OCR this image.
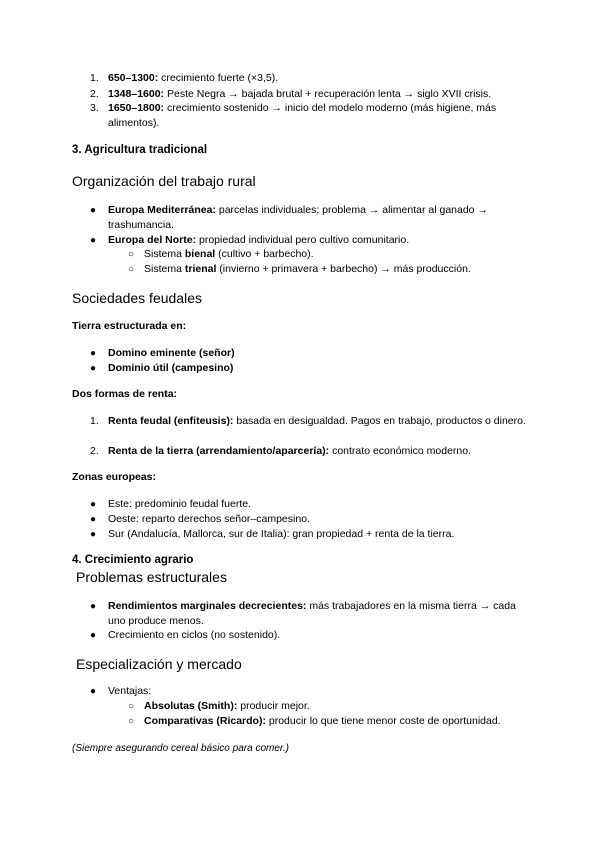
1. 650–1300: crecimiento fuerte (×3,5).
2. 1348–1600: Peste Negra → bajada brutal + recuperación lenta → siglo XVII crisis.
3. 1650–1800: crecimiento sostenido → inicio del modelo moderno (más higiene, más alimentos).
3. Agricultura tradicional
Organización del trabajo rural
● Europa Mediterránea: parcelas individuales; problema → alimentar al ganado → trashumancia.
● Europa del Norte: propiedad individual pero cultivo comunitario.
○ Sistema bienal (cultivo + barbecho).
○ Sistema trienal (invierno + primavera + barbecho) → más producción.
Sociedades feudales
Tierra estructurada en:
● Domino eminente (señor)
● Dominio útil (campesino)
Dos formas de renta:
1. Renta feudal (enfiteusis): basada en desigualdad. Pagos en trabajo, productos o dinero.
2. Renta de la tierra (arrendamiento/aparcería): contrato económico moderno.
Zonas europeas:
● Este: predominio feudal fuerte.
● Oeste: reparto derechos señor–campesino.
● Sur (Andalucía, Mallorca, sur de Italia): gran propiedad + renta de la tierra.
4. Crecimiento agrario
Problemas estructurales
● Rendimientos marginales decrecientes: más trabajadores en la misma tierra → cada uno produce menos.
● Crecimiento en ciclos (no sostenido).
Especialización y mercado
● Ventajas:
○ Absolutas (Smith): producir mejor.
○ Comparativas (Ricardo): producir lo que tiene menor coste de oportunidad.
(Siempre asegurando cereal básico para comer.)
